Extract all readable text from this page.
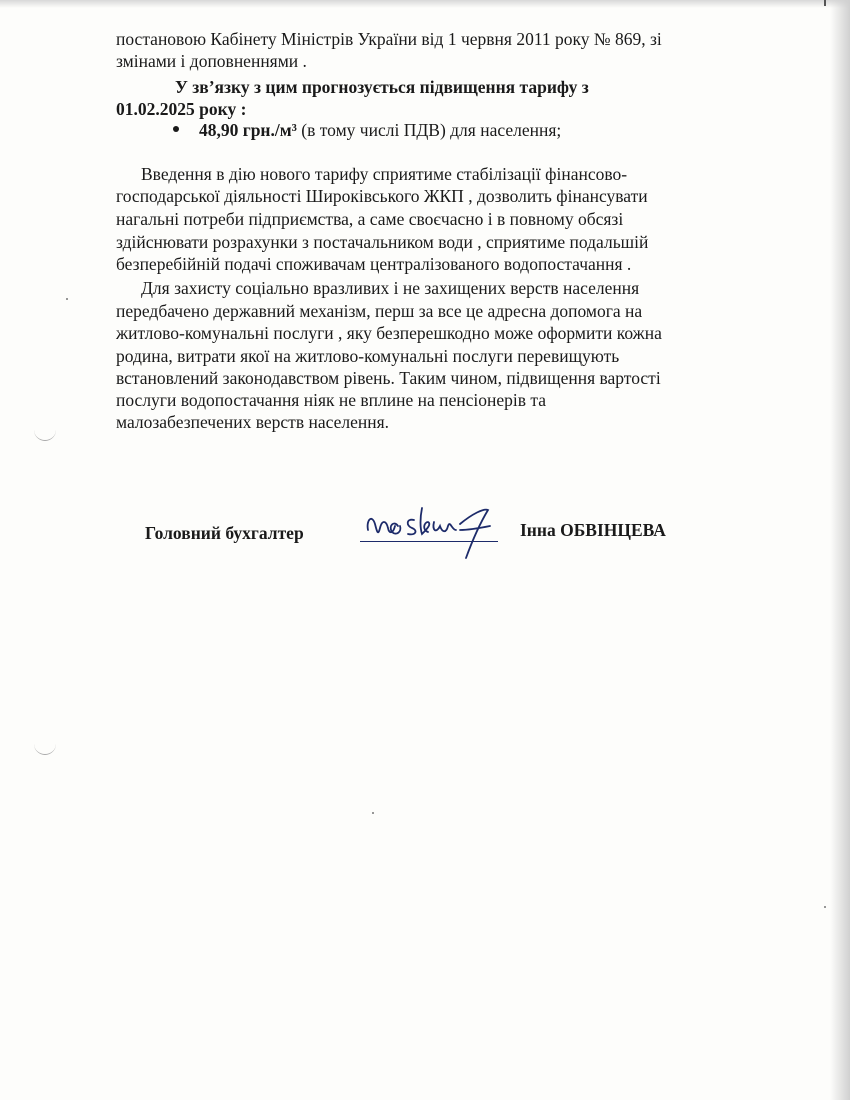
постановою Кабінету Міністрів України від 1 червня 2011 року № 869, зі
змінами і доповненнями .
У зв’язку з цим прогнозується підвищення тарифу з
01.02.2025 року :
48,90 грн./м³ (в тому числі ПДВ) для населення;
Введення в дію нового тарифу сприятиме стабілізації фінансово-
господарської діяльності Широківського ЖКП , дозволить фінансувати
нагальні потреби підприємства, а саме своєчасно і в повному обсязі
здійснювати розрахунки з постачальником води , сприятиме подальшій
безперебійній подачі споживачам централізованого водопостачання .
Для захисту соціально вразливих і не захищених верств населення
передбачено державний механізм, перш за все це адресна допомога на
житлово-комунальні послуги , яку безперешкодно може оформити кожна
родина, витрати якої на житлово-комунальні послуги перевищують
встановлений законодавством рівень. Таким чином, підвищення вартості
послуги водопостачання ніяк не вплине на пенсіонерів та
малозабезпечених верств населення.
Головний бухгалтер	Інна ОБВІНЦЕВА
